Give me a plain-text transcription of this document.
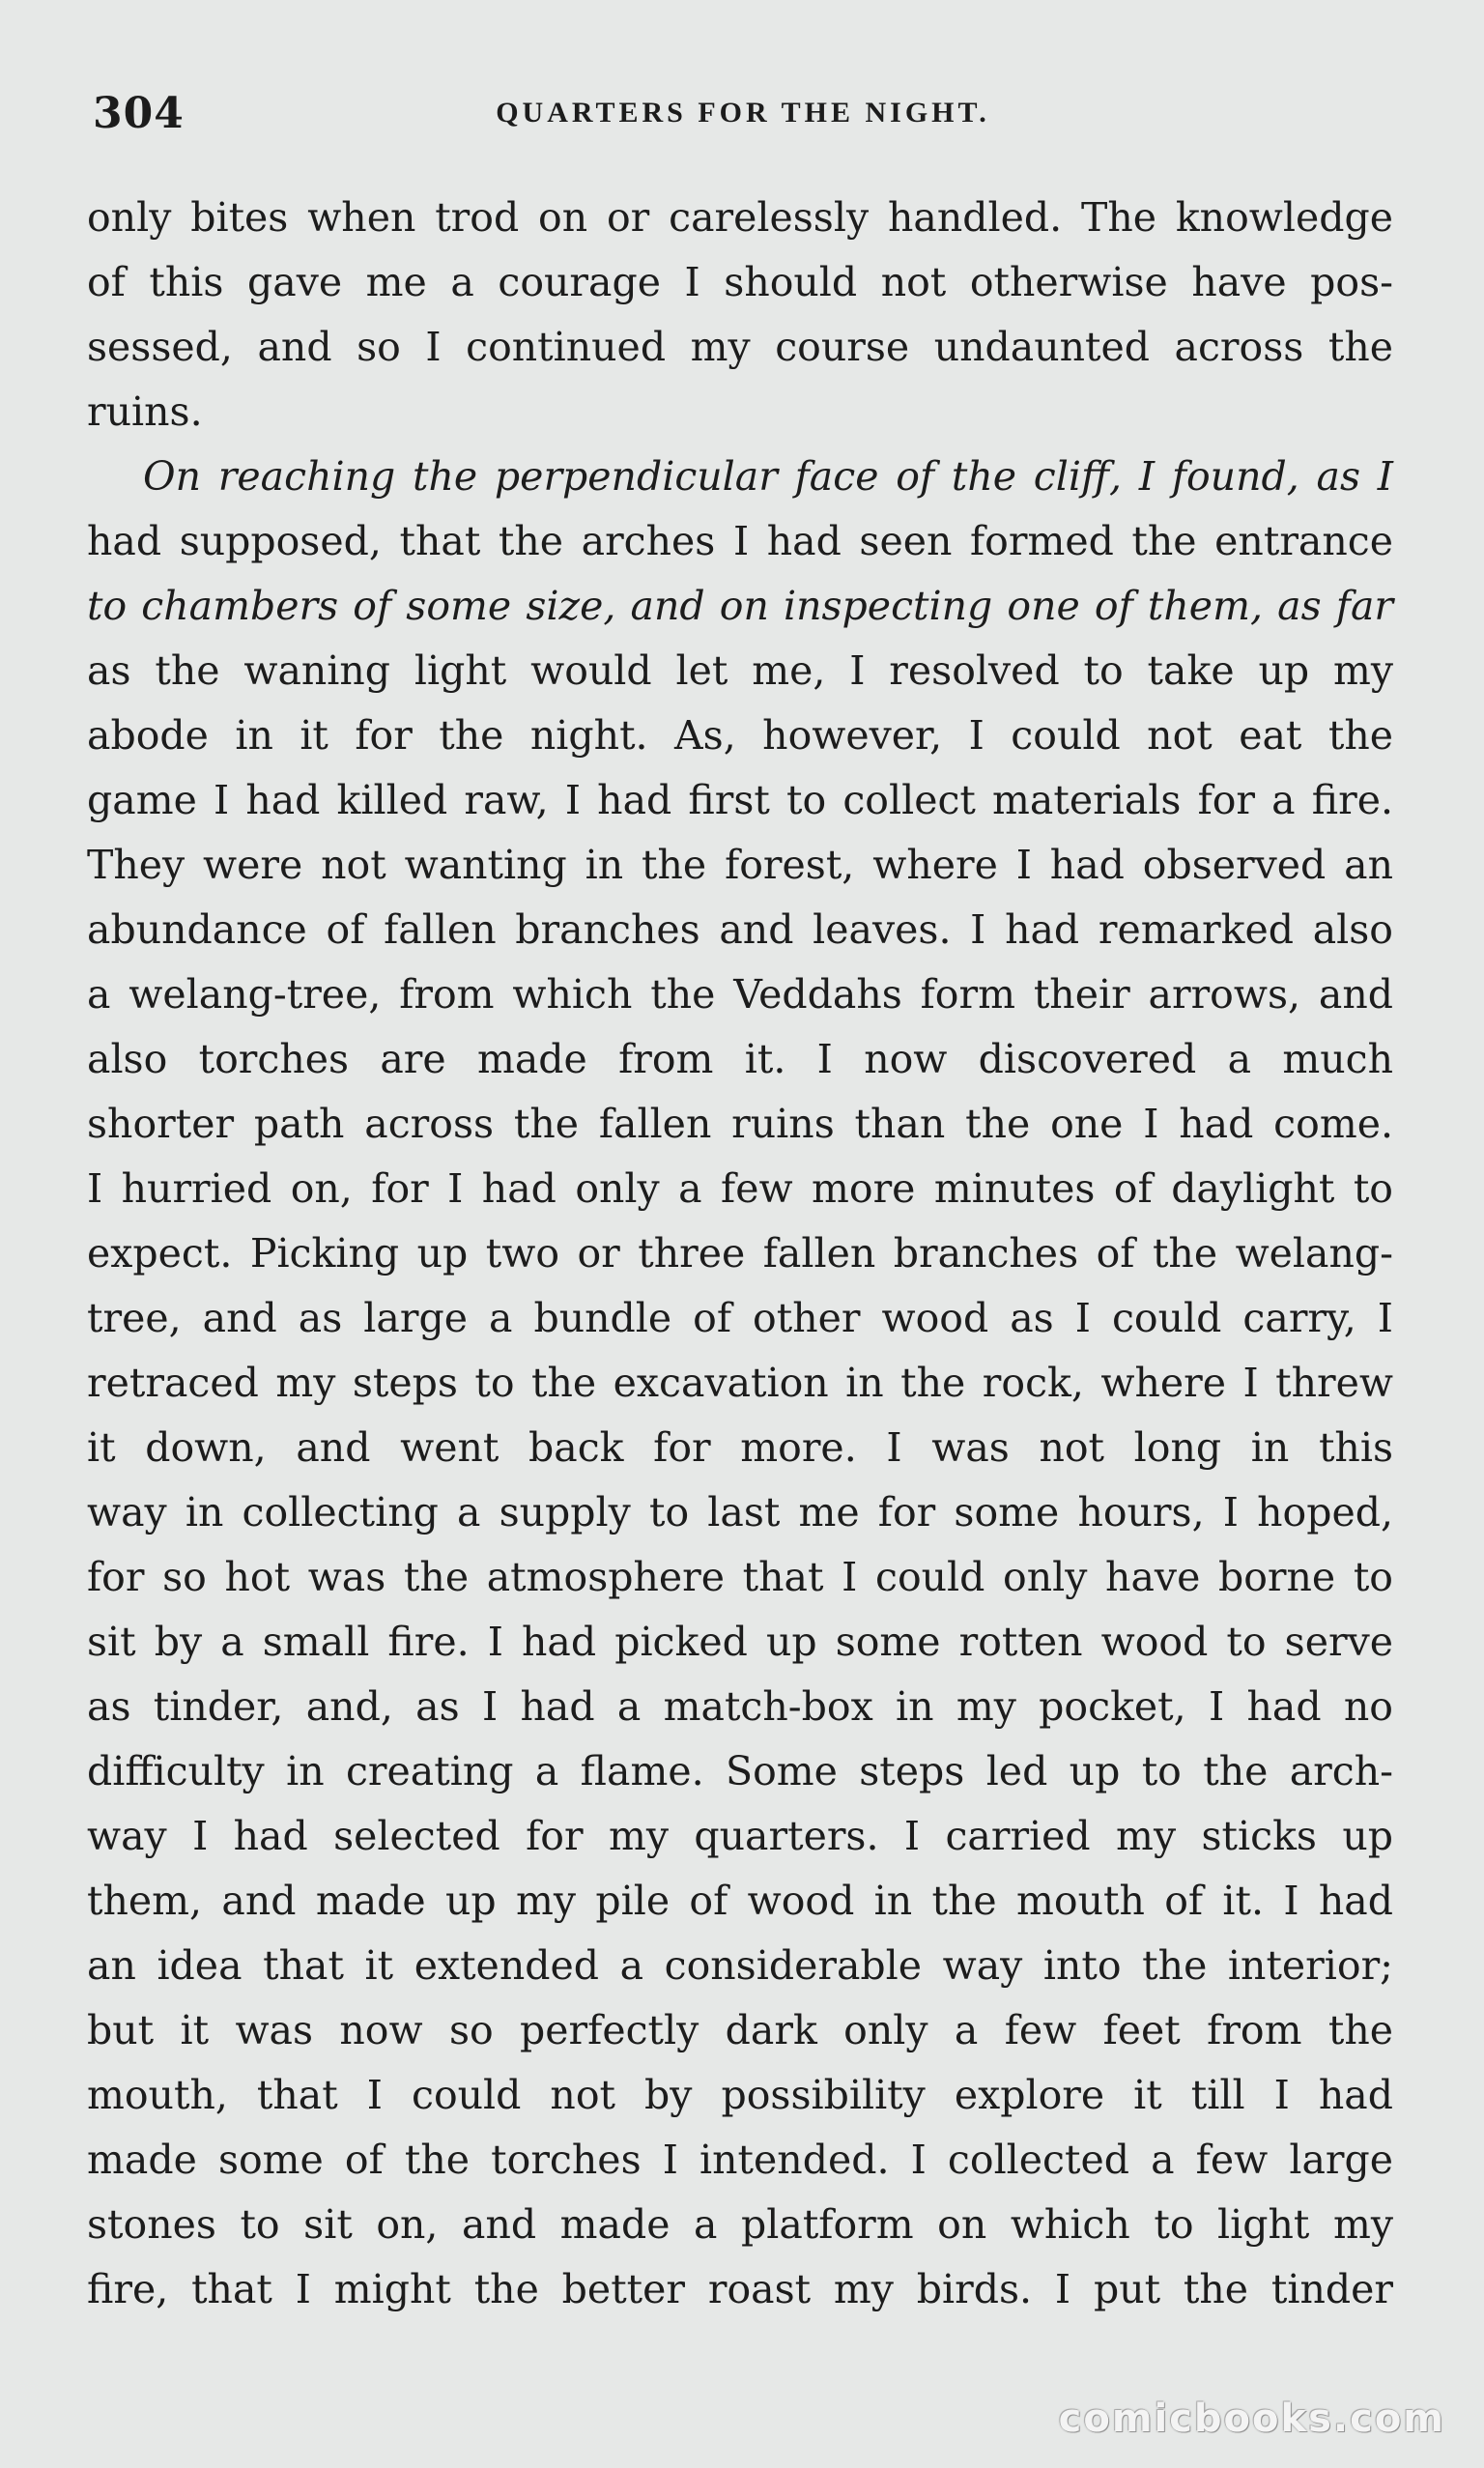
304	QUARTERS FOR THE NIGHT.
only bites when trod on or carelessly handled. The knowledge
of this gave me a courage I should not otherwise have pos-
sessed, and so I continued my course undaunted across the
ruins.
On reaching the perpendicular face of the cliff, I found, as I
had supposed, that the arches I had seen formed the entrance
to chambers of some size, and on inspecting one of them, as far
as the waning light would let me, I resolved to take up my
abode in it for the night. As, however, I could not eat the
game I had killed raw, I had first to collect materials for a fire.
They were not wanting in the forest, where I had observed an
abundance of fallen branches and leaves. I had remarked also
a welang-tree, from which the Veddahs form their arrows, and
also torches are made from it. I now discovered a much
shorter path across the fallen ruins than the one I had come.
I hurried on, for I had only a few more minutes of daylight to
expect. Picking up two or three fallen branches of the welang-
tree, and as large a bundle of other wood as I could carry, I
retraced my steps to the excavation in the rock, where I threw
it down, and went back for more. I was not long in this
way in collecting a supply to last me for some hours, I hoped,
for so hot was the atmosphere that I could only have borne to
sit by a small fire. I had picked up some rotten wood to serve
as tinder, and, as I had a match-box in my pocket, I had no
difficulty in creating a flame. Some steps led up to the arch-
way I had selected for my quarters. I carried my sticks up
them, and made up my pile of wood in the mouth of it. I had
an idea that it extended a considerable way into the interior;
but it was now so perfectly dark only a few feet from the
mouth, that I could not by possibility explore it till I had
made some of the torches I intended. I collected a few large
stones to sit on, and made a platform on which to light my
fire, that I might the better roast my birds. I put the tinder
comicbooks.com
